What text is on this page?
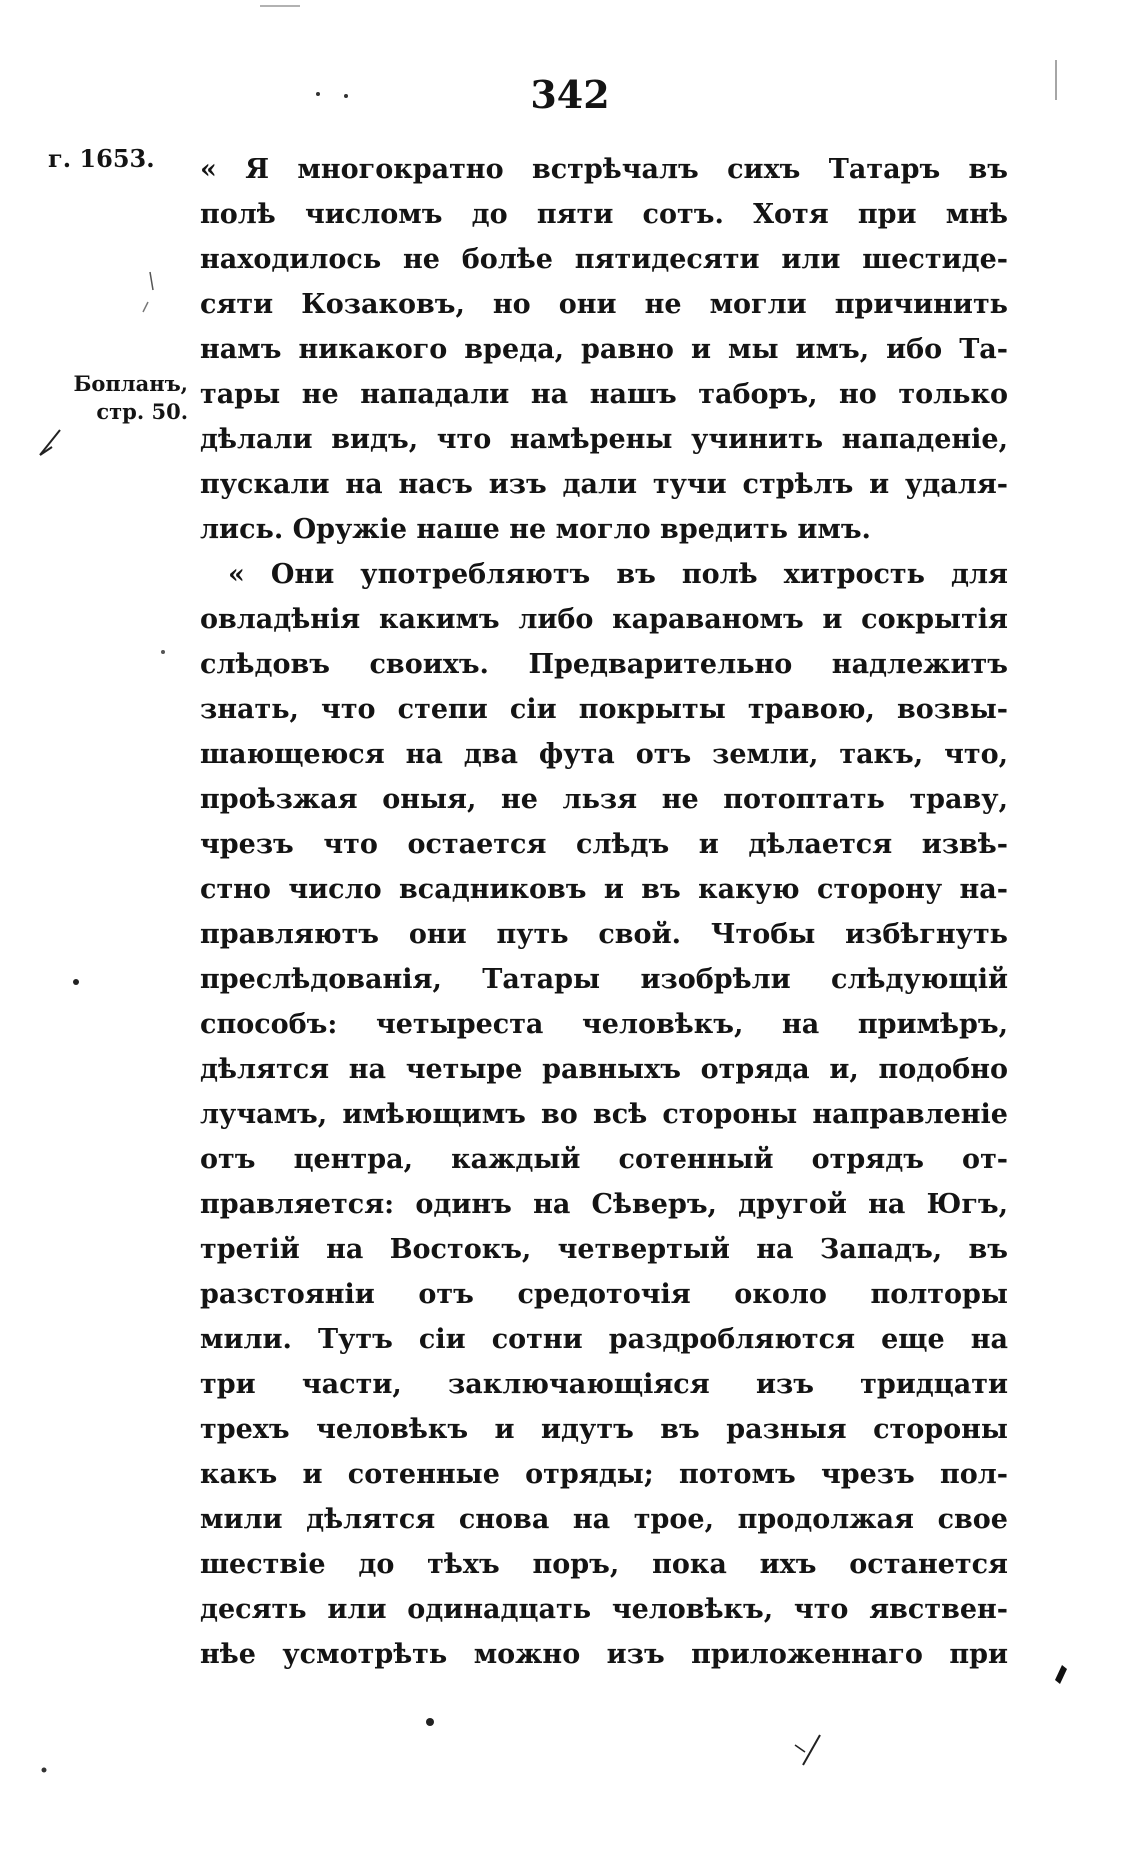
342
г. 1653.
Бопланъ,
стр. 50.
« Я многократно встрѣчалъ сихъ Татаръ въ
полѣ числомъ до пяти сотъ. Хотя при мнѣ
находилось не болѣе пятидесяти или шестиде-
сяти Козаковъ, но они не могли причинить
намъ никакого вреда, равно и мы имъ, ибо Та-
тары не нападали на нашъ таборъ, но только
дѣлали видъ, что намѣрены учинить нападеніе,
пускали на насъ изъ дали тучи стрѣлъ и удаля-
лись. Оружіе наше не могло вредить имъ.
« Они употребляютъ въ полѣ хитрость для
овладѣнія какимъ либо караваномъ и сокрытія
слѣдовъ своихъ. Предварительно надлежитъ
знать, что степи сіи покрыты травою, возвы-
шающеюся на два фута отъ земли, такъ, что,
проѣзжая оныя, не льзя не потоптать траву,
чрезъ что остается слѣдъ и дѣлается извѣ-
стно число всадниковъ и въ какую сторону на-
правляютъ они путь свой. Чтобы избѣгнуть
преслѣдованія, Татары изобрѣли слѣдующій
способъ: четыреста человѣкъ, на примѣръ,
дѣлятся на четыре равныхъ отряда и, подобно
лучамъ, имѣющимъ во всѣ стороны направленіе
отъ центра, каждый сотенный отрядъ от-
правляется: одинъ на Сѣверъ, другой на Югъ,
третій на Востокъ, четвертый на Западъ, въ
разстояніи отъ средоточія около полторы
мили. Тутъ сіи сотни раздробляются еще на
три части, заключающіяся изъ тридцати
трехъ человѣкъ и идутъ въ разныя стороны
какъ и сотенные отряды; потомъ чрезъ пол-
мили дѣлятся снова на трое, продолжая свое
шествіе до тѣхъ поръ, пока ихъ останется
десять или одинадцать человѣкъ, что явствен-
нѣе усмотрѣть можно изъ приложеннаго при
